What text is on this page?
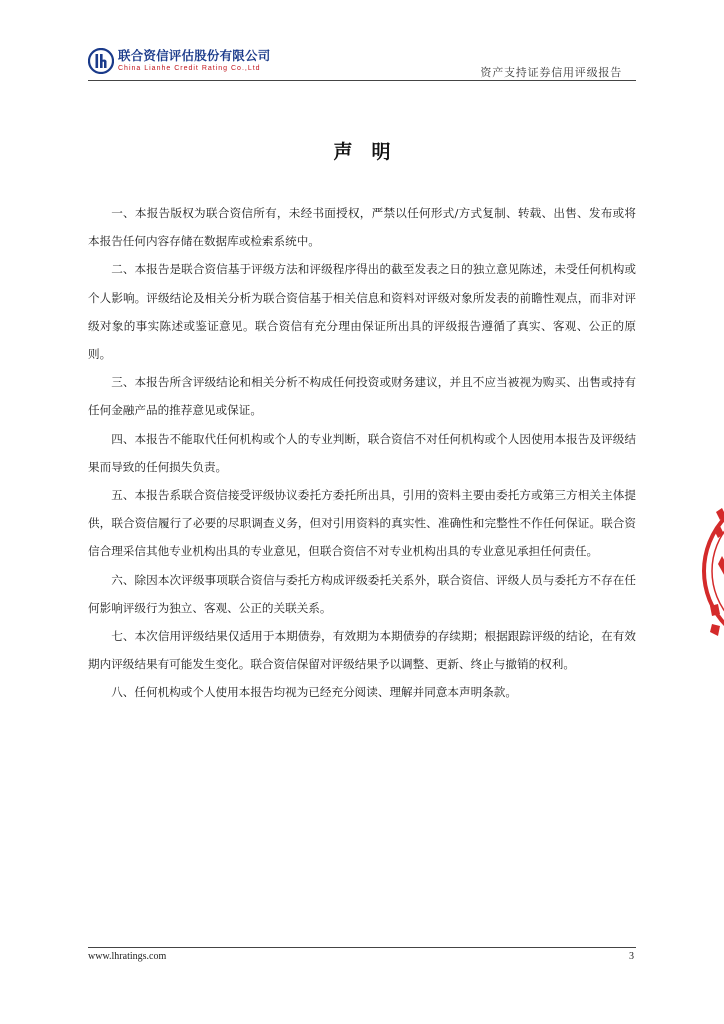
联合资信评估股份有限公司
China Lianhe Credit Rating Co.,Ltd	资产支持证券信用评级报告
声明

一、本报告版权为联合资信所有，未经书面授权，严禁以任何形式/方式复制、转载、出售、发布或将本报告任何内容存储在数据库或检索系统中。

二、本报告是联合资信基于评级方法和评级程序得出的截至发表之日的独立意见陈述，未受任何机构或个人影响。评级结论及相关分析为联合资信基于相关信息和资料对评级对象所发表的前瞻性观点，而非对评级对象的事实陈述或鉴证意见。联合资信有充分理由保证所出具的评级报告遵循了真实、客观、公正的原则。

三、本报告所含评级结论和相关分析不构成任何投资或财务建议，并且不应当被视为购买、出售或持有任何金融产品的推荐意见或保证。

四、本报告不能取代任何机构或个人的专业判断，联合资信不对任何机构或个人因使用本报告及评级结果而导致的任何损失负责。

五、本报告系联合资信接受评级协议委托方委托所出具，引用的资料主要由委托方或第三方相关主体提供，联合资信履行了必要的尽职调查义务，但对引用资料的真实性、准确性和完整性不作任何保证。联合资信合理采信其他专业机构出具的专业意见，但联合资信不对专业机构出具的专业意见承担任何责任。

六、除因本次评级事项联合资信与委托方构成评级委托关系外，联合资信、评级人员与委托方不存在任何影响评级行为独立、客观、公正的关联关系。

七、本次信用评级结果仅适用于本期债券，有效期为本期债券的存续期；根据跟踪评级的结论，在有效期内评级结果有可能发生变化。联合资信保留对评级结果予以调整、更新、终止与撤销的权利。

八、任何机构或个人使用本报告均视为已经充分阅读、理解并同意本声明条款。

www.lhratings.com	3
